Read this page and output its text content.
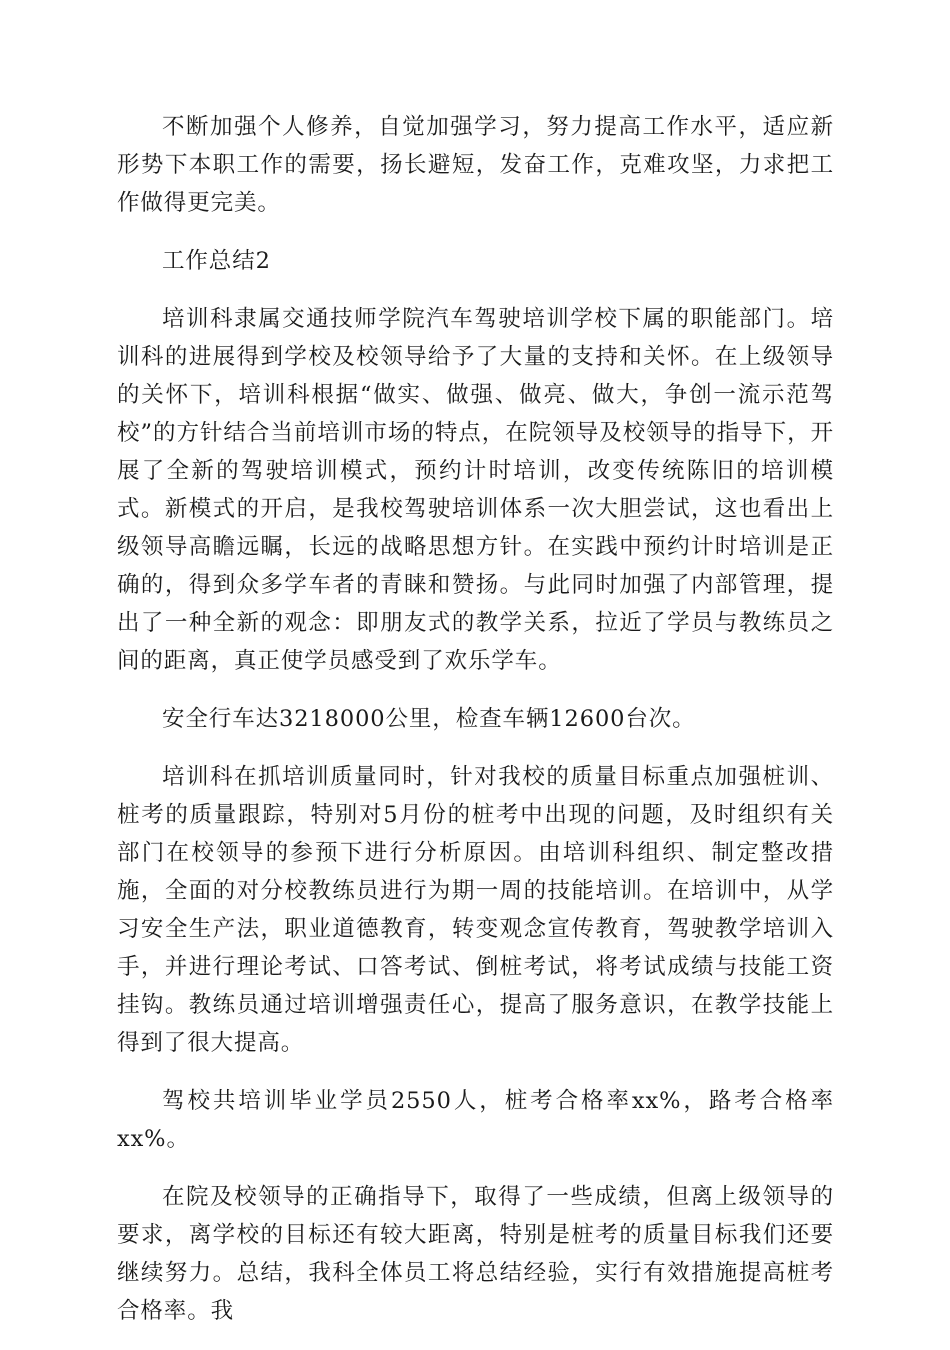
不断加强个人修养，自觉加强学习，努力提高工作水平，适应新形势下本职工作的需要，扬长避短，发奋工作，克难攻坚，力求把工作做得更完美。

工作总结2

培训科隶属交通技师学院汽车驾驶培训学校下属的职能部门。培训科的进展得到学校及校领导给予了大量的支持和关怀。在上级领导的关怀下，培训科根据“做实、做强、做亮、做大，争创一流示范驾校”的方针结合当前培训市场的特点，在院领导及校领导的指导下，开展了全新的驾驶培训模式，预约计时培训，改变传统陈旧的培训模式。新模式的开启，是我校驾驶培训体系一次大胆尝试，这也看出上级领导高瞻远瞩，长远的战略思想方针。在实践中预约计时培训是正确的，得到众多学车者的青睐和赞扬。与此同时加强了内部管理，提出了一种全新的观念：即朋友式的教学关系，拉近了学员与教练员之间的距离，真正使学员感受到了欢乐学车。

安全行车达3218000公里，检查车辆12600台次。

培训科在抓培训质量同时，针对我校的质量目标重点加强桩训、桩考的质量跟踪，特别对5月份的桩考中出现的问题，及时组织有关部门在校领导的参预下进行分析原因。由培训科组织、制定整改措施，全面的对分校教练员进行为期一周的技能培训。在培训中，从学习安全生产法，职业道德教育，转变观念宣传教育，驾驶教学培训入手，并进行理论考试、口答考试、倒桩考试，将考试成绩与技能工资挂钩。教练员通过培训增强责任心，提高了服务意识，在教学技能上得到了很大提高。

驾校共培训毕业学员2550人，桩考合格率xx%，路考合格率xx%。

在院及校领导的正确指导下，取得了一些成绩，但离上级领导的要求，离学校的目标还有较大距离，特别是桩考的质量目标我们还要继续努力。总结，我科全体员工将总结经验，实行有效措施提高桩考合格率。我
